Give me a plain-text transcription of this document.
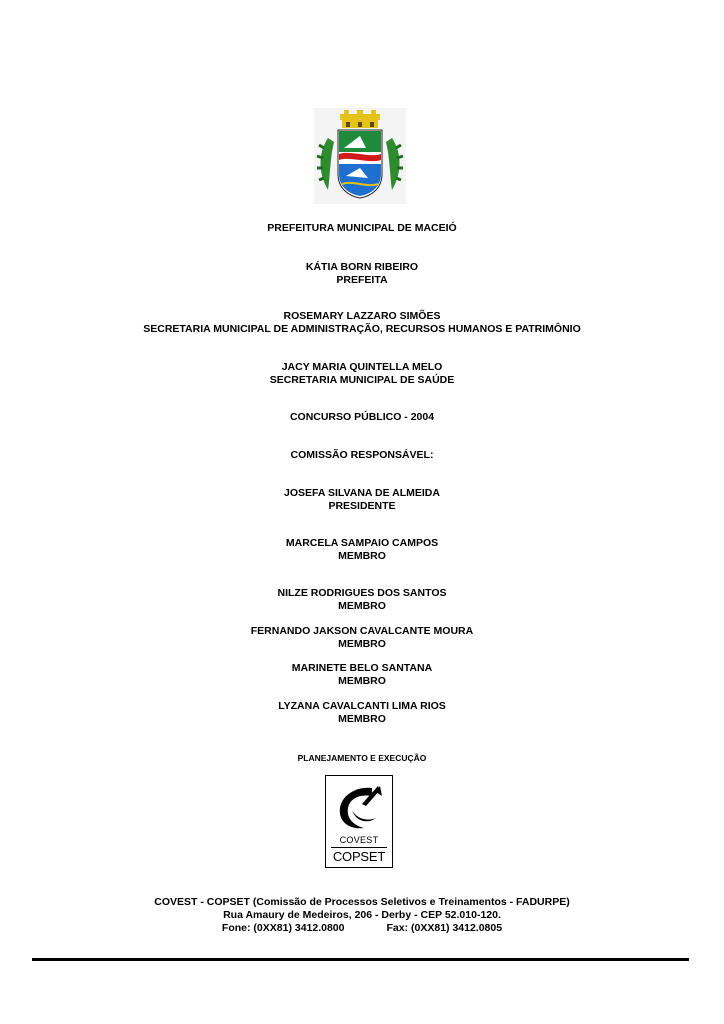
PREFEITURA MUNICIPAL DE MACEIÓ
KÁTIA BORN RIBEIRO
PREFEITA
ROSEMARY LAZZARO SIMÕES
SECRETARIA MUNICIPAL DE ADMINISTRAÇÃO, RECURSOS HUMANOS E PATRIMÔNIO
JACY MARIA QUINTELLA MELO
SECRETARIA MUNICIPAL DE SAÚDE
CONCURSO PÚBLICO - 2004
COMISSÃO RESPONSÁVEL:
JOSEFA SILVANA DE ALMEIDA
PRESIDENTE
MARCELA SAMPAIO CAMPOS
MEMBRO
NILZE RODRIGUES DOS SANTOS
MEMBRO
FERNANDO JAKSON CAVALCANTE MOURA
MEMBRO
MARINETE BELO SANTANA
MEMBRO
LYZANA CAVALCANTI LIMA RIOS
MEMBRO
PLANEJAMENTO E EXECUÇÃO
COVEST
COPSET
COVEST - COPSET (Comissão de Processos Seletivos e Treinamentos - FADURPE)
Rua Amaury de Medeiros, 206 - Derby - CEP 52.010-120.
Fone: (0XX81) 3412.0800	Fax: (0XX81) 3412.0805
